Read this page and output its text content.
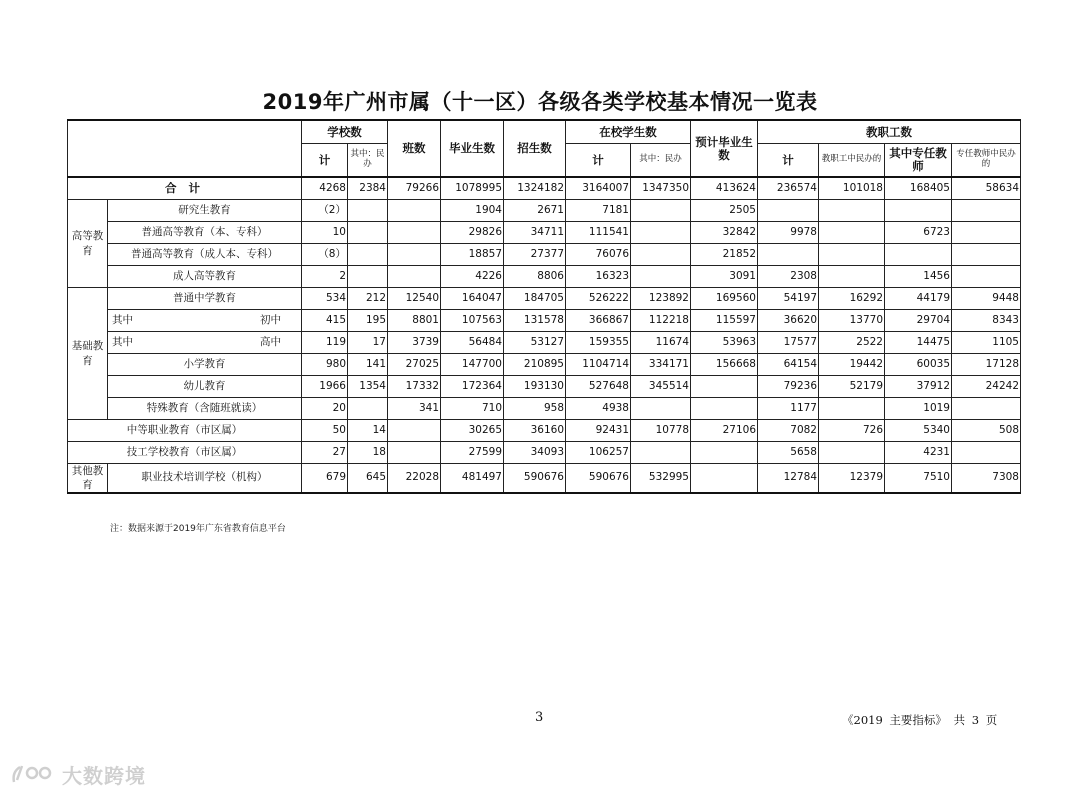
2019年广州市属（十一区）各级各类学校基本情况一览表
		学校数		班数	毕业生数	招生数	在校学生数		预计毕业生数	教职工数			
		计	其中：民办				计	其中：民办		计	教职工中民办的	其中专任教师	专任教师中民办的
合 计		4268	2384	79266	1078995	1324182	3164007	1347350	413624	236574	101018	168405	58634
高等教育	研究生教育	（2）			1904	2671	7181		2505				
	普通高等教育（本、专科）	10			29826	34711	111541		32842	9978		6723	
	普通高等教育（成人本、专科）	（8）			18857	27377	76076		21852				
	成人高等教育	2			4226	8806	16323		3091	2308		1456	
基础教育	普通中学教育	534	212	12540	164047	184705	526222	123892	169560	54197	16292	44179	9448

	其中 初中	415	195	8801	107563	131578	366867	112218	115597	36620	13770	29704	8343

	其中 高中	119	17	3739	56484	53127	159355	11674	53963	17577	2522	14475	1105
	小学教育	980	141	27025	147700	210895	1104714	334171	156668	64154	19442	60035	17128
	幼儿教育	1966	1354	17332	172364	193130	527648	345514		79236	52179	37912	24242
	特殊教育（含随班就读）	20		341	710	958	4938			1177		1019	
中等职业教育（市区属）		50	14		30265	36160	92431	10778	27106	7082	726	5340	508
技工学校教育（市区属）		27	18		27599	34093	106257			5658		4231	
其他教育	职业技术培训学校（机构）	679	645	22028	481497	590676	590676	532995		12784	12379	7510	7308
注：数据来源于2019年广东省教育信息平台
3	《2019 主要指标》 共 3 页
大数跨境
